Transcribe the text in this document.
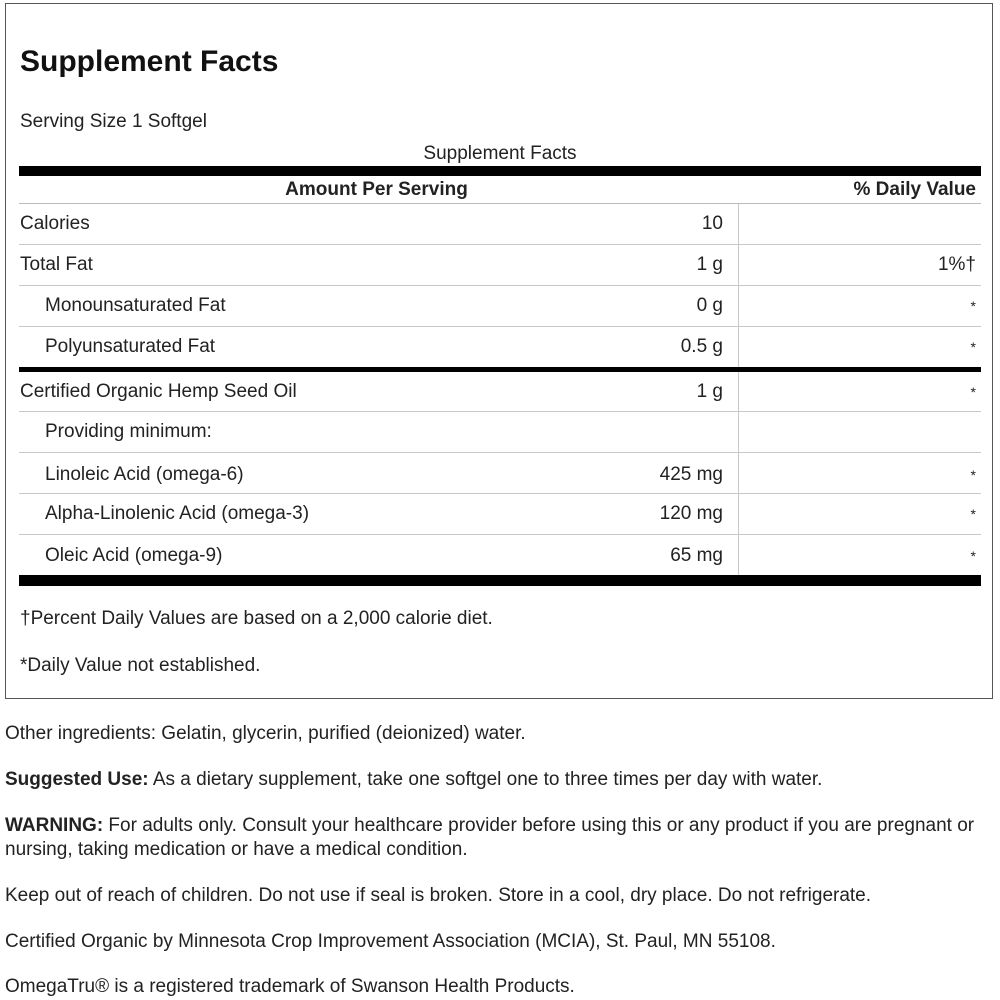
Supplement Facts
Serving Size 1 Softgel
Supplement Facts
Amount Per Serving	% Daily Value
Calories	10
Total Fat	1 g	1%†
Monounsaturated Fat	0 g	*
Polyunsaturated Fat	0.5 g	*
Certified Organic Hemp Seed Oil	1 g	*
Providing minimum:
Linoleic Acid (omega-6)	425 mg	*
Alpha-Linolenic Acid (omega-3)	120 mg	*
Oleic Acid (omega-9)	65 mg	*
†Percent Daily Values are based on a 2,000 calorie diet.
*Daily Value not established.

Other ingredients: Gelatin, glycerin, purified (deionized) water.

Suggested Use: As a dietary supplement, take one softgel one to three times per day with water.

WARNING: For adults only. Consult your healthcare provider before using this or any product if you are pregnant or nursing, taking medication or have a medical condition.

Keep out of reach of children. Do not use if seal is broken. Store in a cool, dry place. Do not refrigerate.

Certified Organic by Minnesota Crop Improvement Association (MCIA), St. Paul, MN 55108.

OmegaTru® is a registered trademark of Swanson Health Products.
